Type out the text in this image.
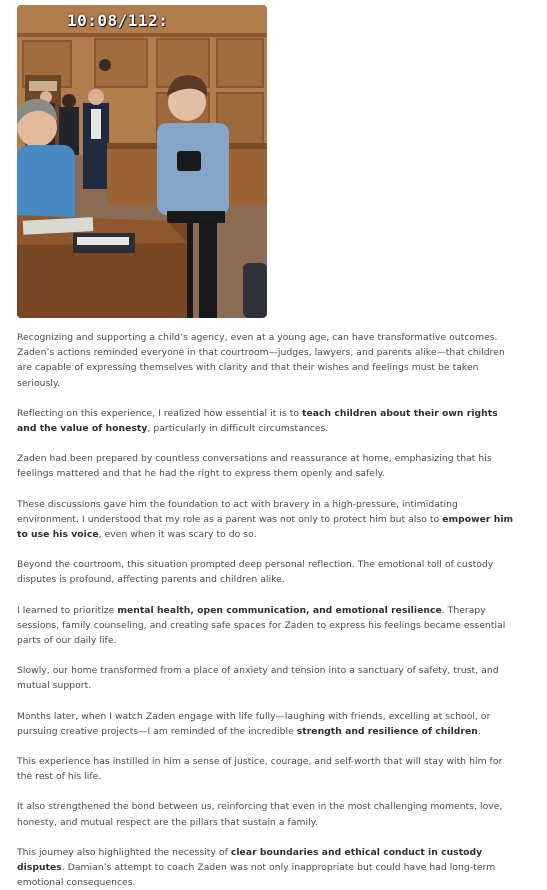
10:08/112:

Recognizing and supporting a child’s agency, even at a young age, can have transformative outcomes. Zaden’s actions reminded everyone in that courtroom—judges, lawyers, and parents alike—that children are capable of expressing themselves with clarity and that their wishes and feelings must be taken seriously.

Reflecting on this experience, I realized how essential it is to teach children about their own rights and the value of honesty, particularly in difficult circumstances.

Zaden had been prepared by countless conversations and reassurance at home, emphasizing that his feelings mattered and that he had the right to express them openly and safely.

These discussions gave him the foundation to act with bravery in a high-pressure, intimidating environment. I understood that my role as a parent was not only to protect him but also to empower him to use his voice, even when it was scary to do so.

Beyond the courtroom, this situation prompted deep personal reflection. The emotional toll of custody disputes is profound, affecting parents and children alike.

I learned to prioritize mental health, open communication, and emotional resilience. Therapy sessions, family counseling, and creating safe spaces for Zaden to express his feelings became essential parts of our daily life.

Slowly, our home transformed from a place of anxiety and tension into a sanctuary of safety, trust, and mutual support.

Months later, when I watch Zaden engage with life fully—laughing with friends, excelling at school, or pursuing creative projects—I am reminded of the incredible strength and resilience of children.

This experience has instilled in him a sense of justice, courage, and self-worth that will stay with him for the rest of his life.

It also strengthened the bond between us, reinforcing that even in the most challenging moments, love, honesty, and mutual respect are the pillars that sustain a family.

This journey also highlighted the necessity of clear boundaries and ethical conduct in custody disputes. Damian’s attempt to coach Zaden was not only inappropriate but could have had long-term emotional consequences.
